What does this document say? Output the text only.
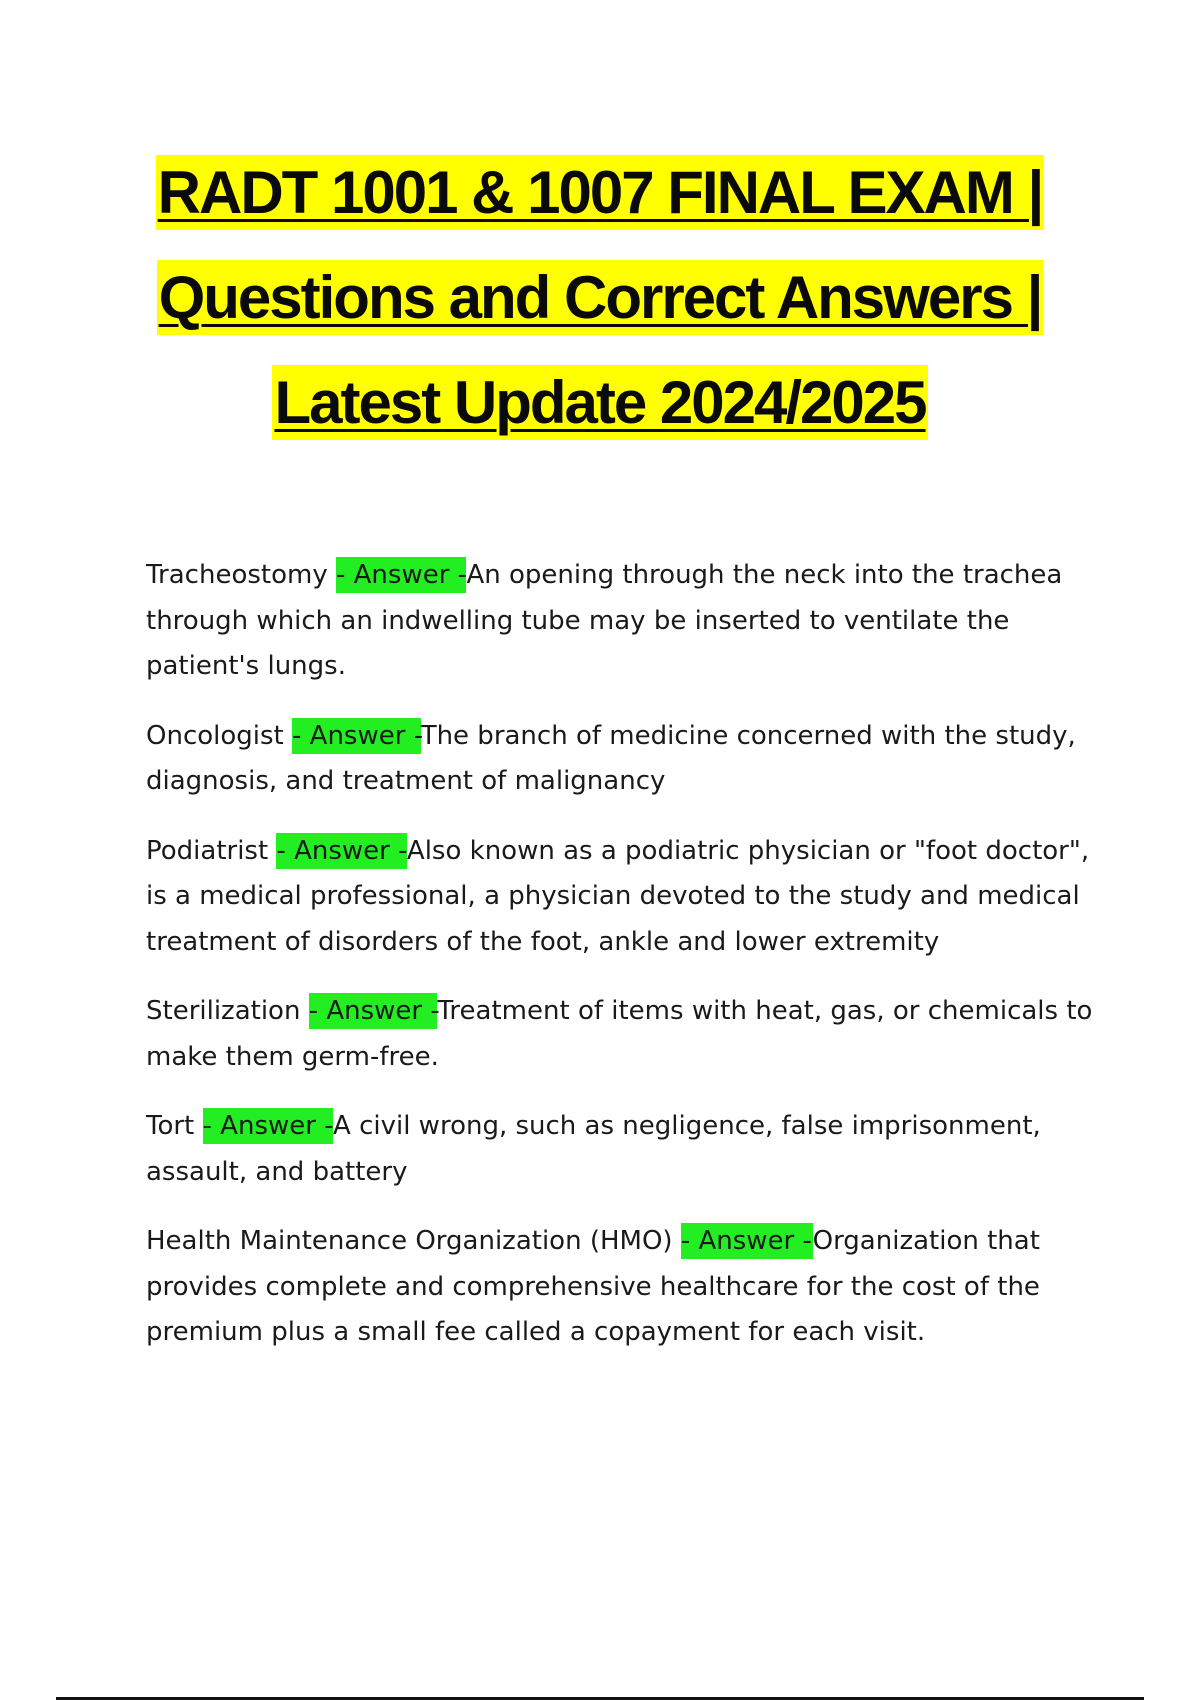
RADT 1001 & 1007 FINAL EXAM |

Questions and Correct Answers |

Latest Update 2024/2025

Tracheostomy - Answer -An opening through the neck into the trachea through which an indwelling tube may be inserted to ventilate the patient's lungs.

Oncologist - Answer -The branch of medicine concerned with the study, diagnosis, and treatment of malignancy

Podiatrist - Answer -Also known as a podiatric physician or "foot doctor", is a medical professional, a physician devoted to the study and medical treatment of disorders of the foot, ankle and lower extremity

Sterilization - Answer -Treatment of items with heat, gas, or chemicals to make them germ-free.

Tort - Answer -A civil wrong, such as negligence, false imprisonment, assault, and battery

Health Maintenance Organization (HMO) - Answer -Organization that provides complete and comprehensive healthcare for the cost of the premium plus a small fee called a copayment for each visit.
